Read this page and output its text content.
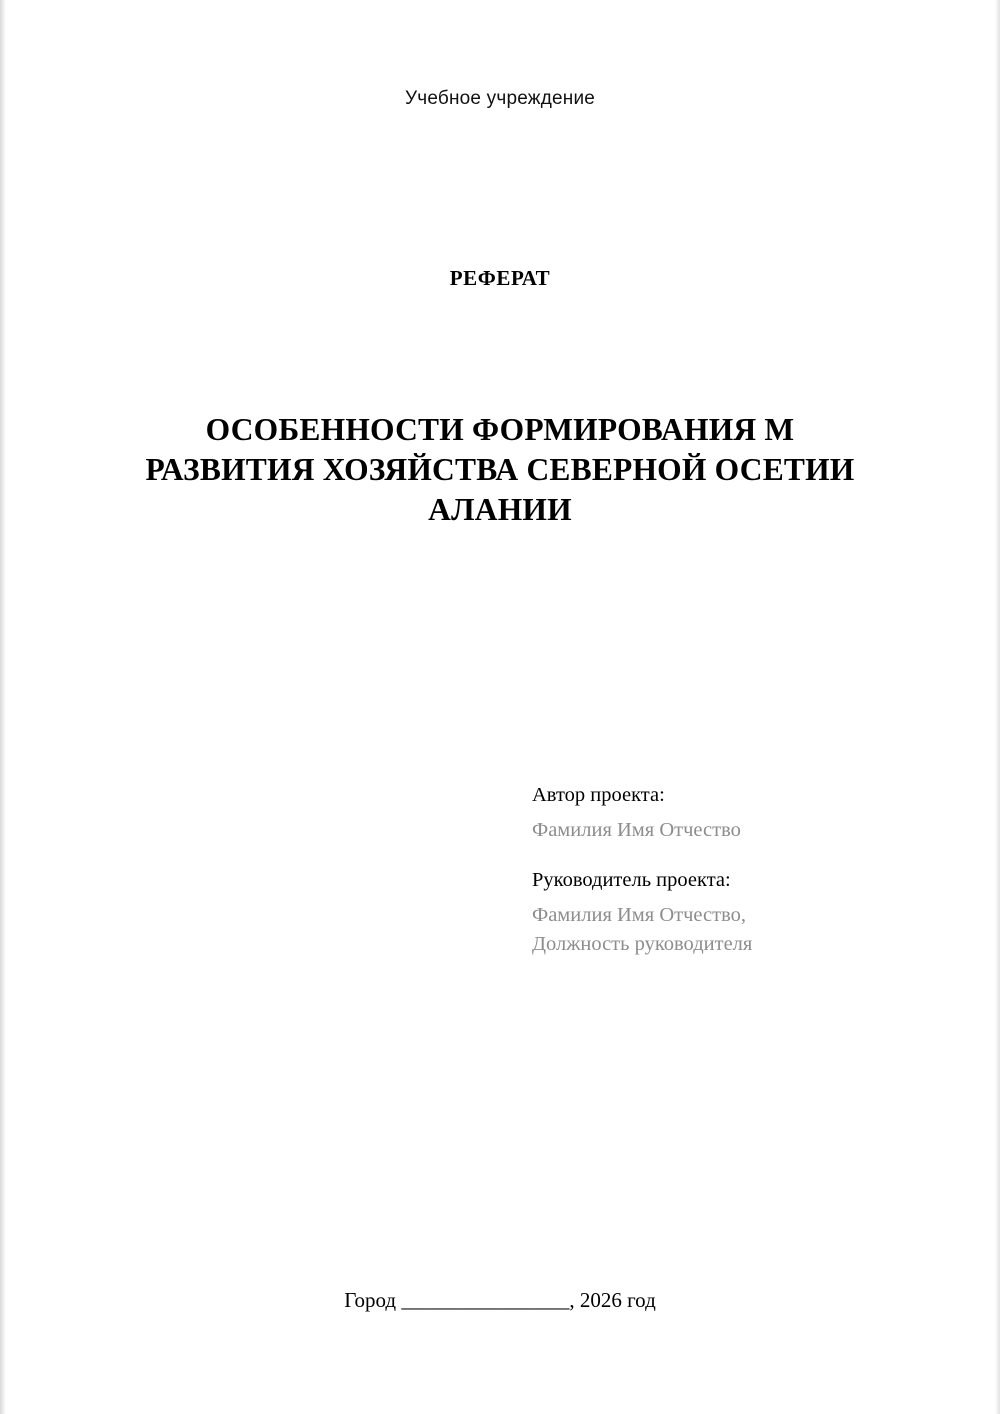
Учебное учреждение
РЕФЕРАТ
ОСОБЕННОСТИ ФОРМИРОВАНИЯ М РАЗВИТИЯ ХОЗЯЙСТВА СЕВЕРНОЙ ОСЕТИИ АЛАНИИ
Автор проекта:
Фамилия Имя Отчество
Руководитель проекта:
Фамилия Имя Отчество,
Должность руководителя
Город ________________, 2026 год
